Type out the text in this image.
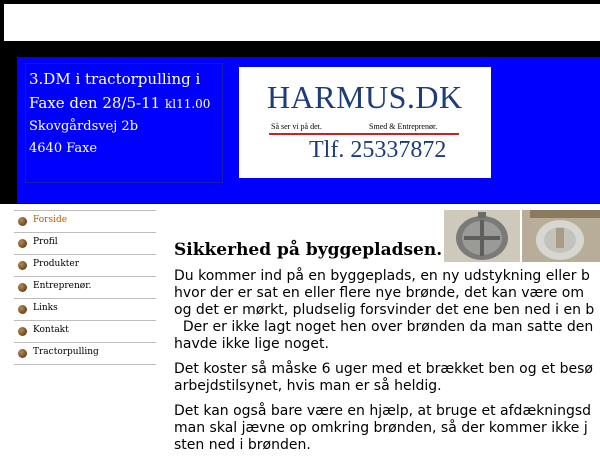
3.DM i tractorpulling i
Faxe den 28/5-11 kl11.00
Skovgårdsvej 2b
4640 Faxe
HARMUS.DK
Så ser vi på det.	Smed & Entreprenør.
Tlf. 25337872
Forside
Profil
Produkter
Entreprenør.
Links
Kontakt
Tractorpulling
Sikkerhed på byggepladsen.
Du kommer ind på en byggeplads, en ny udstykning eller b
hvor der er sat en eller flere nye brønde, det kan være om
og det er mørkt, pludselig forsvinder det ene ben ned i en b
Der er ikke lagt noget hen over brønden da man satte den
havde ikke lige noget.
Det koster så måske 6 uger med et brækket ben og et besø
arbejdstilsynet, hvis man er så heldig.
Det kan også bare være en hjælp, at bruge et afdækningsd
man skal jævne op omkring brønden, så der kommer ikke j
sten ned i brønden.
